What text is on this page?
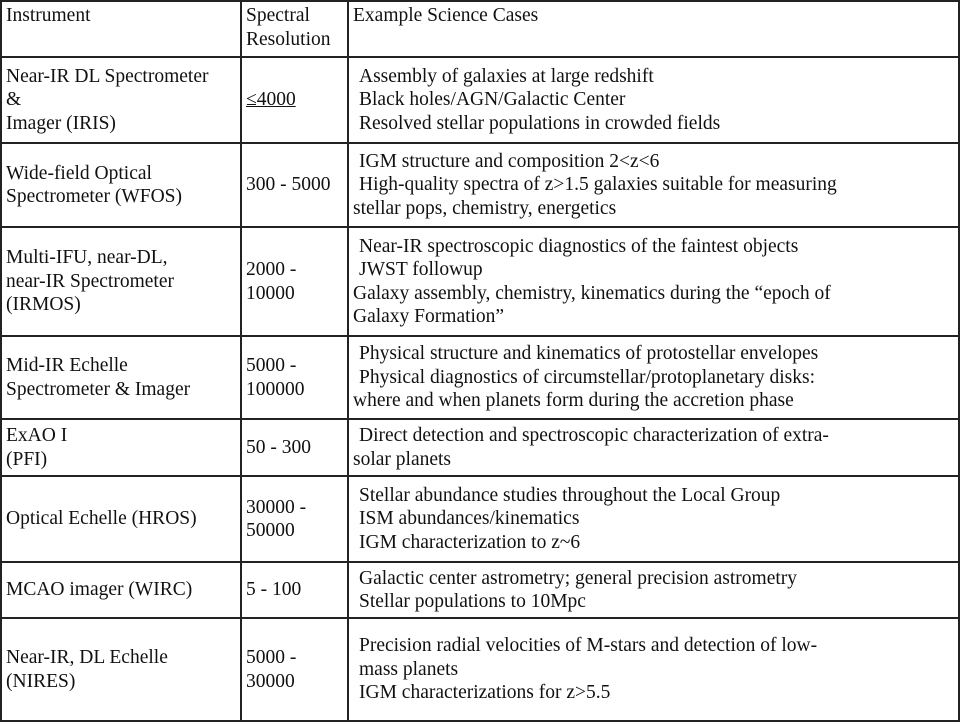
Instrument	Spectral
Resolution	Example Science Cases

Near-IR DL Spectrometer
&
Imager (IRIS)	≤4000	Assembly of galaxies at large redshift
Black holes/AGN/Galactic Center
Resolved stellar populations in crowded fields

Wide-field Optical
Spectrometer (WFOS)	300 - 5000	IGM structure and composition 2<z<6
High-quality spectra of z>1.5 galaxies suitable for measuring
stellar pops, chemistry, energetics

Multi-IFU, near-DL,
near-IR Spectrometer
(IRMOS)	2000 -
10000	Near-IR spectroscopic diagnostics of the faintest objects
JWST followup
Galaxy assembly, chemistry, kinematics during the “epoch of
Galaxy Formation”

Mid-IR Echelle
Spectrometer & Imager	5000 -
100000	Physical structure and kinematics of protostellar envelopes
Physical diagnostics of circumstellar/protoplanetary disks:
where and when planets form during the accretion phase

ExAO I
(PFI)	50 - 300	Direct detection and spectroscopic characterization of extra-
solar planets

Optical Echelle (HROS)	30000 -
50000	Stellar abundance studies throughout the Local Group
ISM abundances/kinematics
IGM characterization to z~6

MCAO imager (WIRC)	5 - 100	Galactic center astrometry; general precision astrometry
Stellar populations to 10Mpc

Near-IR, DL Echelle
(NIRES)	5000 -
30000	Precision radial velocities of M-stars and detection of low-
mass planets
IGM characterizations for z>5.5
